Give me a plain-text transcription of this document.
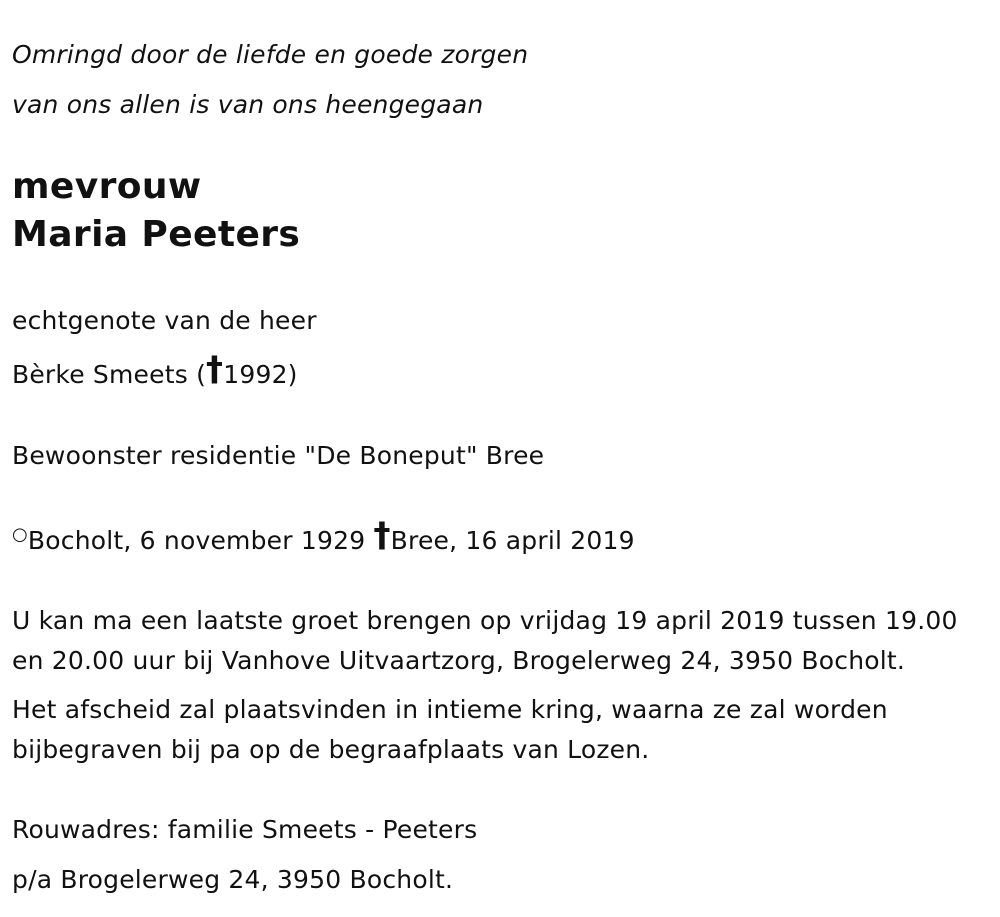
Omringd door de liefde en goede zorgen

van ons allen is van ons heengegaan

mevrouw

Maria Peeters

echtgenote van de heer

Bèrke Smeets (†1992)

Bewoonster residentie "De Boneput" Bree

○Bocholt, 6 november 1929 †Bree, 16 april 2019

U kan ma een laatste groet brengen op vrijdag 19 april 2019 tussen 19.00

en 20.00 uur bij Vanhove Uitvaartzorg, Brogelerweg 24, 3950 Bocholt.

Het afscheid zal plaatsvinden in intieme kring, waarna ze zal worden

bijbegraven bij pa op de begraafplaats van Lozen.

Rouwadres: familie Smeets - Peeters

p/a Brogelerweg 24, 3950 Bocholt.
